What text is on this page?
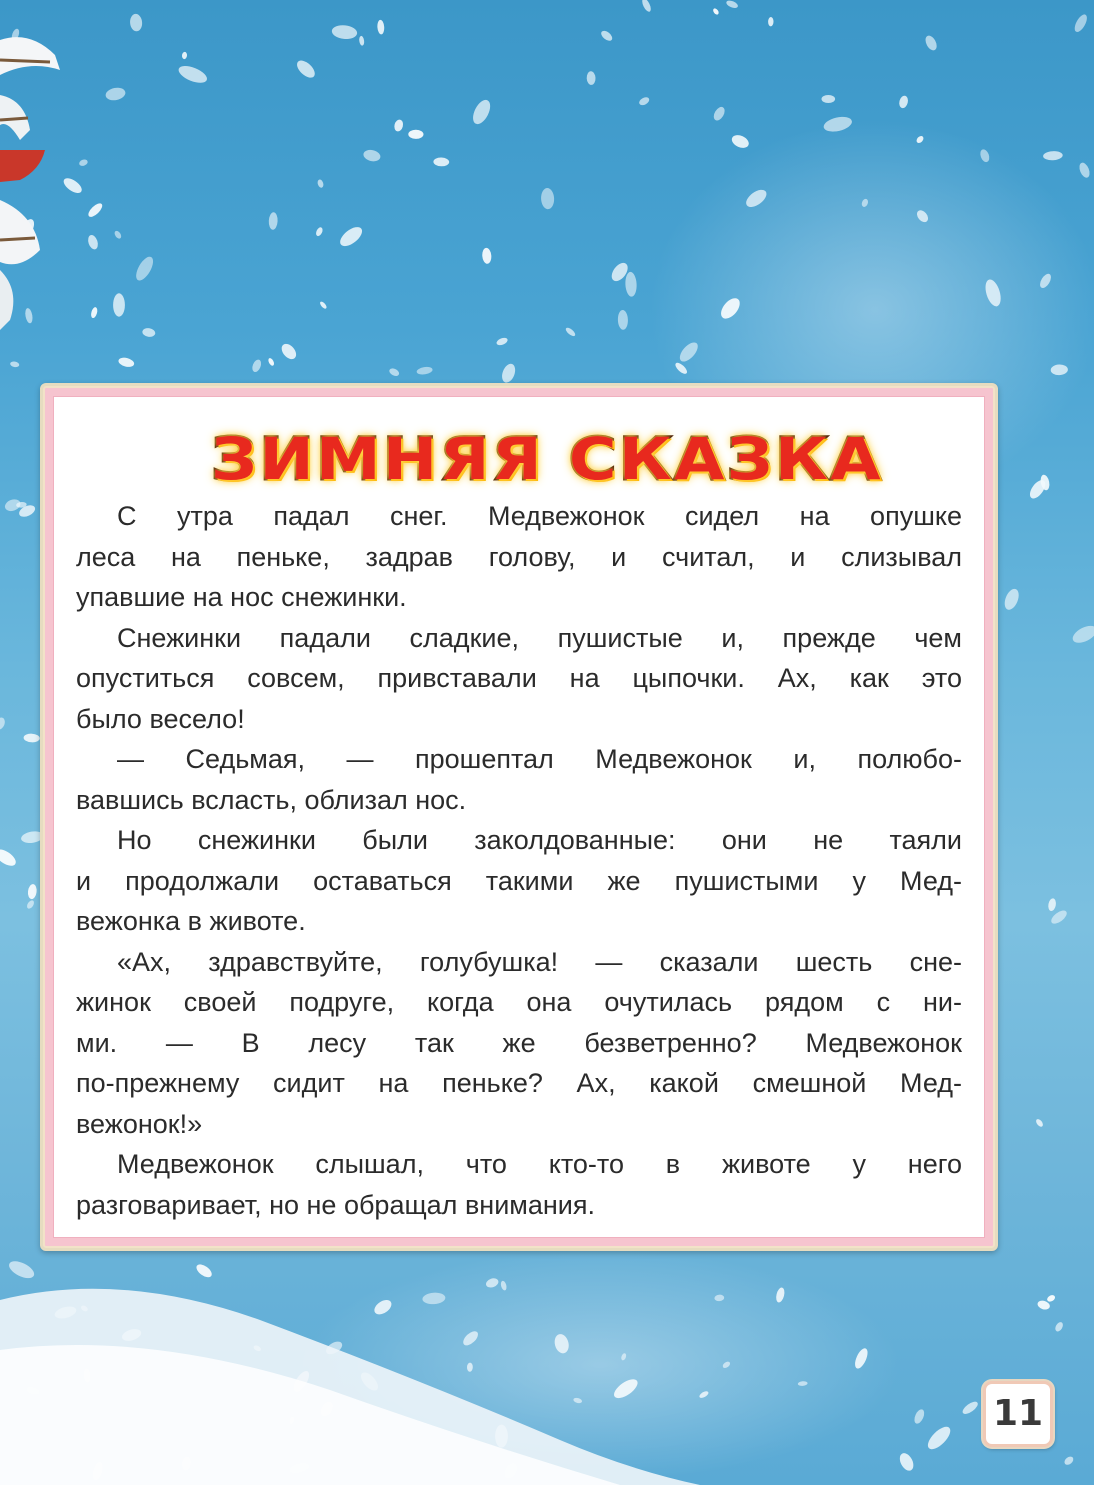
ЗИМНЯЯ СКАЗКА

С утра падал снег. Медвежонок сидел на опушке
леса на пеньке, задрав голову, и считал, и слизывал
упавшие на нос снежинки.

Снежинки падали сладкие, пушистые и, прежде чем
опуститься совсем, привставали на цыпочки. Ах, как это
было весело!

— Седьмая, — прошептал Медвежонок и, полюбо-
вавшись всласть, облизал нос.

Но снежинки были заколдованные: они не таяли
и продолжали оставаться такими же пушистыми у Мед-
вежонка в животе.

«Ах, здравствуйте, голубушка! — сказали шесть сне-
жинок своей подруге, когда она очутилась рядом с ни-
ми. — В лесу так же безветренно? Медвежонок
по-прежнему сидит на пеньке? Ах, какой смешной Мед-
вежонок!»

Медвежонок слышал, что кто-то в животе у него
разговаривает, но не обращал внимания.

11
